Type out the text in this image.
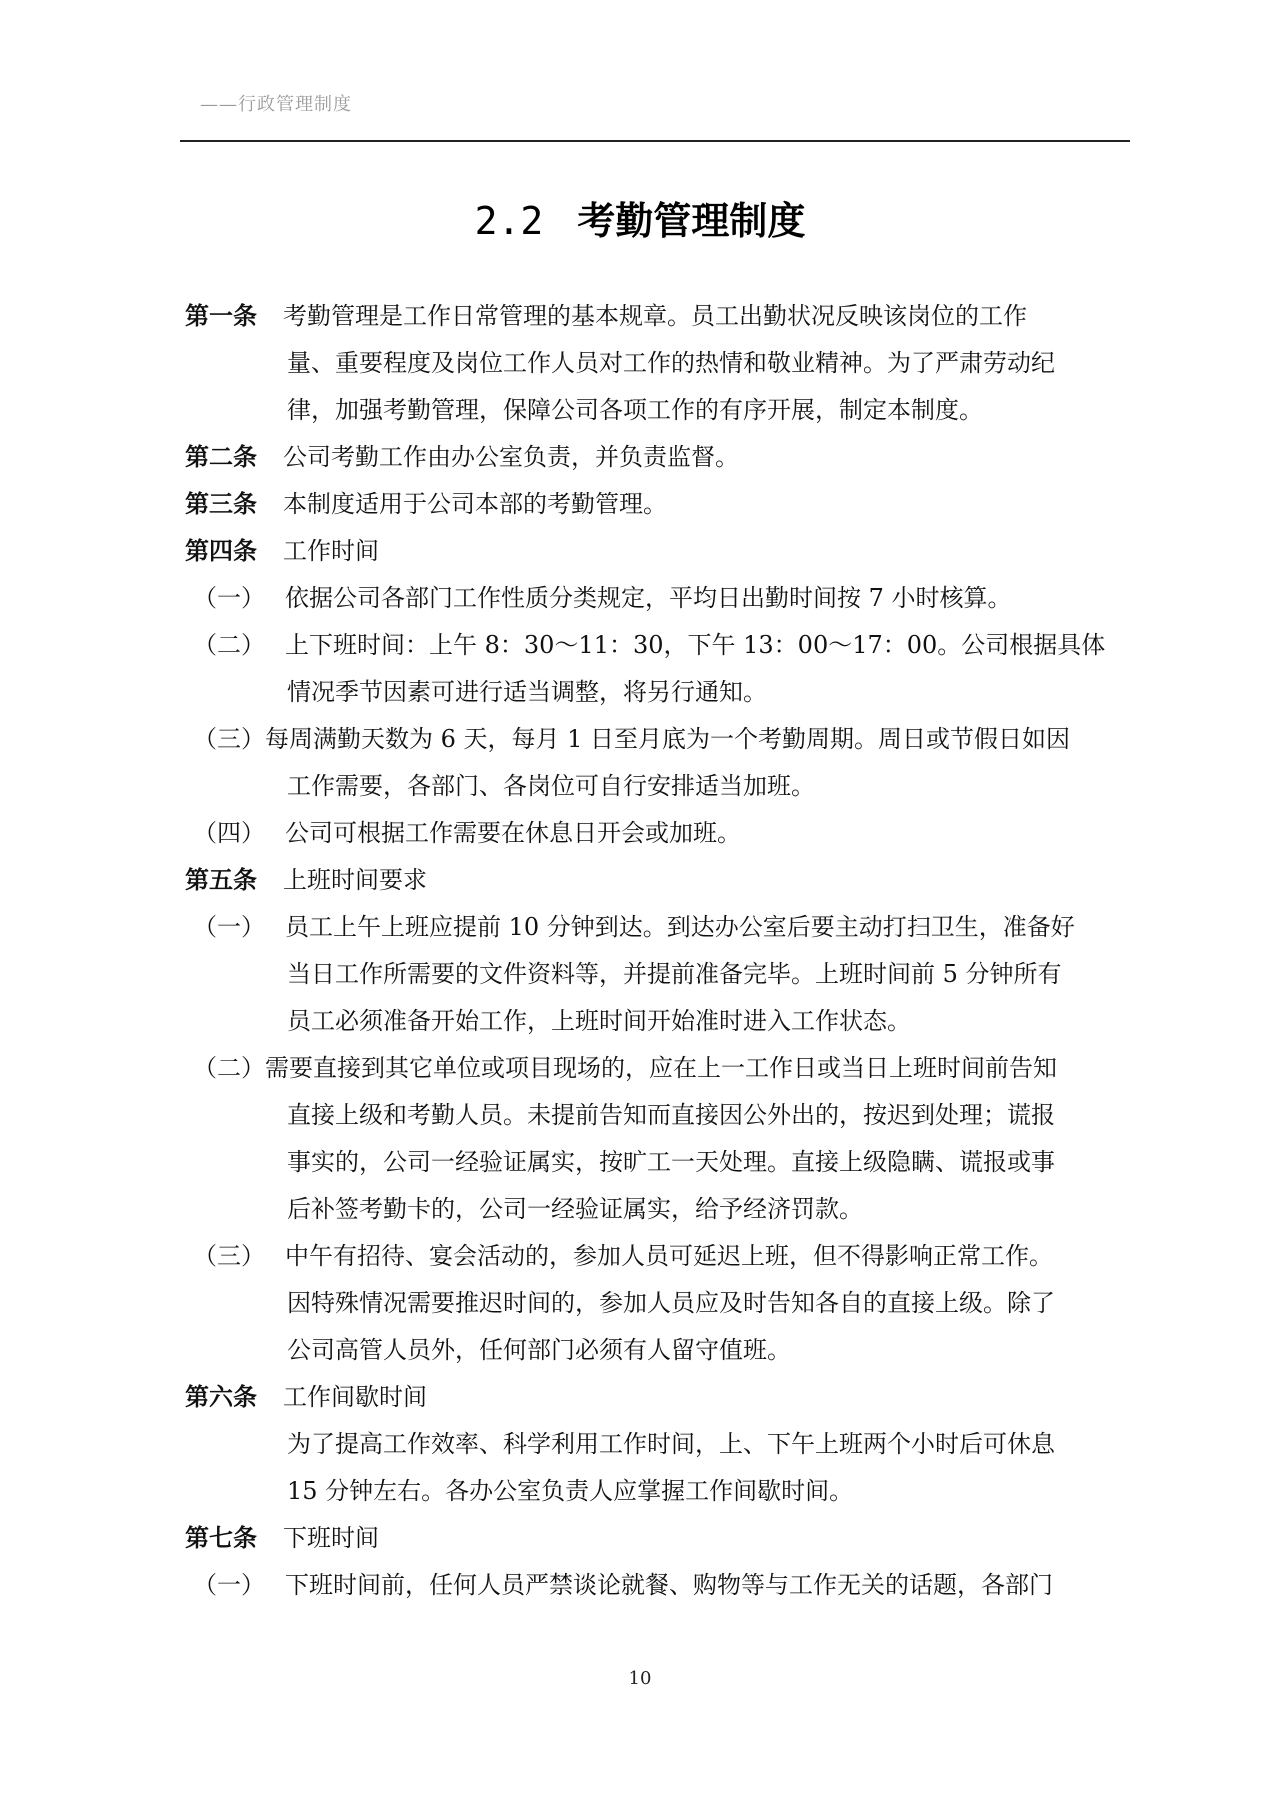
——行政管理制度
2.2 考勤管理制度
第一条 考勤管理是工作日常管理的基本规章。员工出勤状况反映该岗位的工作
量、重要程度及岗位工作人员对工作的热情和敬业精神。为了严肃劳动纪
律，加强考勤管理，保障公司各项工作的有序开展，制定本制度。
第二条 公司考勤工作由办公室负责，并负责监督。
第三条 本制度适用于公司本部的考勤管理。
第四条 工作时间
（一） 依据公司各部门工作性质分类规定，平均日出勤时间按 7 小时核算。
（二） 上下班时间：上午 8：30～11：30，下午 13：00～17：00。公司根据具体
情况季节因素可进行适当调整，将另行通知。
（三）每周满勤天数为 6 天，每月 1 日至月底为一个考勤周期。周日或节假日如因
工作需要，各部门、各岗位可自行安排适当加班。
（四） 公司可根据工作需要在休息日开会或加班。
第五条 上班时间要求
（一） 员工上午上班应提前 10 分钟到达。到达办公室后要主动打扫卫生，准备好
当日工作所需要的文件资料等，并提前准备完毕。上班时间前 5 分钟所有
员工必须准备开始工作，上班时间开始准时进入工作状态。
（二）需要直接到其它单位或项目现场的，应在上一工作日或当日上班时间前告知
直接上级和考勤人员。未提前告知而直接因公外出的，按迟到处理；谎报
事实的，公司一经验证属实，按旷工一天处理。直接上级隐瞒、谎报或事
后补签考勤卡的，公司一经验证属实，给予经济罚款。
（三） 中午有招待、宴会活动的，参加人员可延迟上班，但不得影响正常工作。
因特殊情况需要推迟时间的，参加人员应及时告知各自的直接上级。除了
公司高管人员外，任何部门必须有人留守值班。
第六条 工作间歇时间
为了提高工作效率、科学利用工作时间，上、下午上班两个小时后可休息
15 分钟左右。各办公室负责人应掌握工作间歇时间。
第七条 下班时间
（一） 下班时间前，任何人员严禁谈论就餐、购物等与工作无关的话题，各部门
10
